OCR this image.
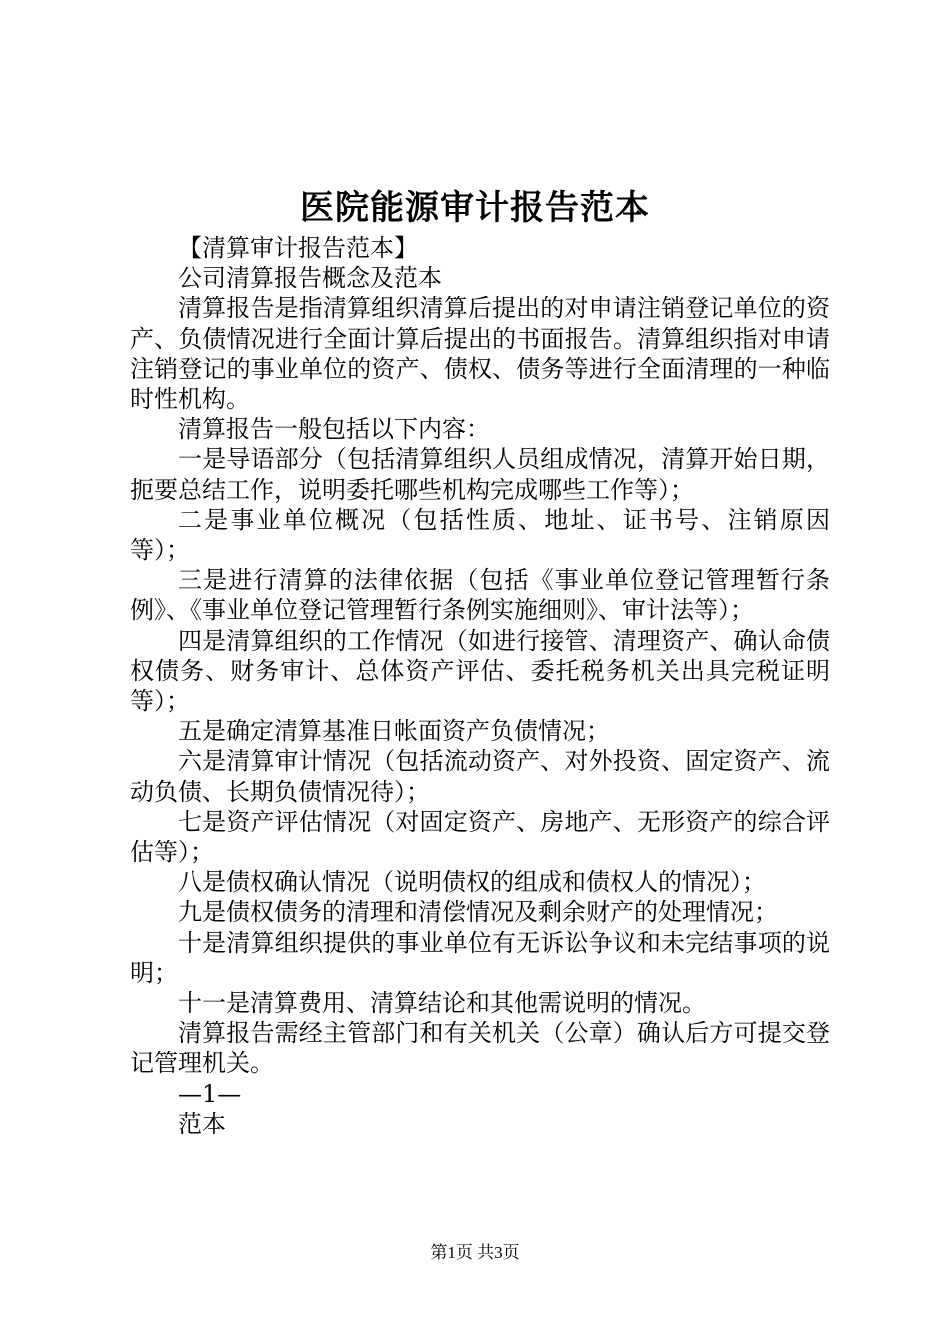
医院能源审计报告范本

【清算审计报告范本】

公司清算报告概念及范本

清算报告是指清算组织清算后提出的对申请注销登记单位的资产、负债情况进行全面计算后提出的书面报告。清算组织指对申请注销登记的事业单位的资产、债权、债务等进行全面清理的一种临时性机构。

清算报告一般包括以下内容：

一是导语部分（包括清算组织人员组成情况，清算开始日期，扼要总结工作，说明委托哪些机构完成哪些工作等）；

二是事业单位概况（包括性质、地址、证书号、注销原因等）；

三是进行清算的法律依据（包括《事业单位登记管理暂行条例》、《事业单位登记管理暂行条例实施细则》、审计法等）；

四是清算组织的工作情况（如进行接管、清理资产、确认命债权债务、财务审计、总体资产评估、委托税务机关出具完税证明等）；

五是确定清算基准日帐面资产负债情况；

六是清算审计情况（包括流动资产、对外投资、固定资产、流动负债、长期负债情况待）；

七是资产评估情况（对固定资产、房地产、无形资产的综合评估等）；

八是债权确认情况（说明债权的组成和债权人的情况）；

九是债权债务的清理和清偿情况及剩余财产的处理情况；

十是清算组织提供的事业单位有无诉讼争议和未完结事项的说明；

十一是清算费用、清算结论和其他需说明的情况。

清算报告需经主管部门和有关机关（公章）确认后方可提交登记管理机关。

—1—

范本

第1页 共3页
